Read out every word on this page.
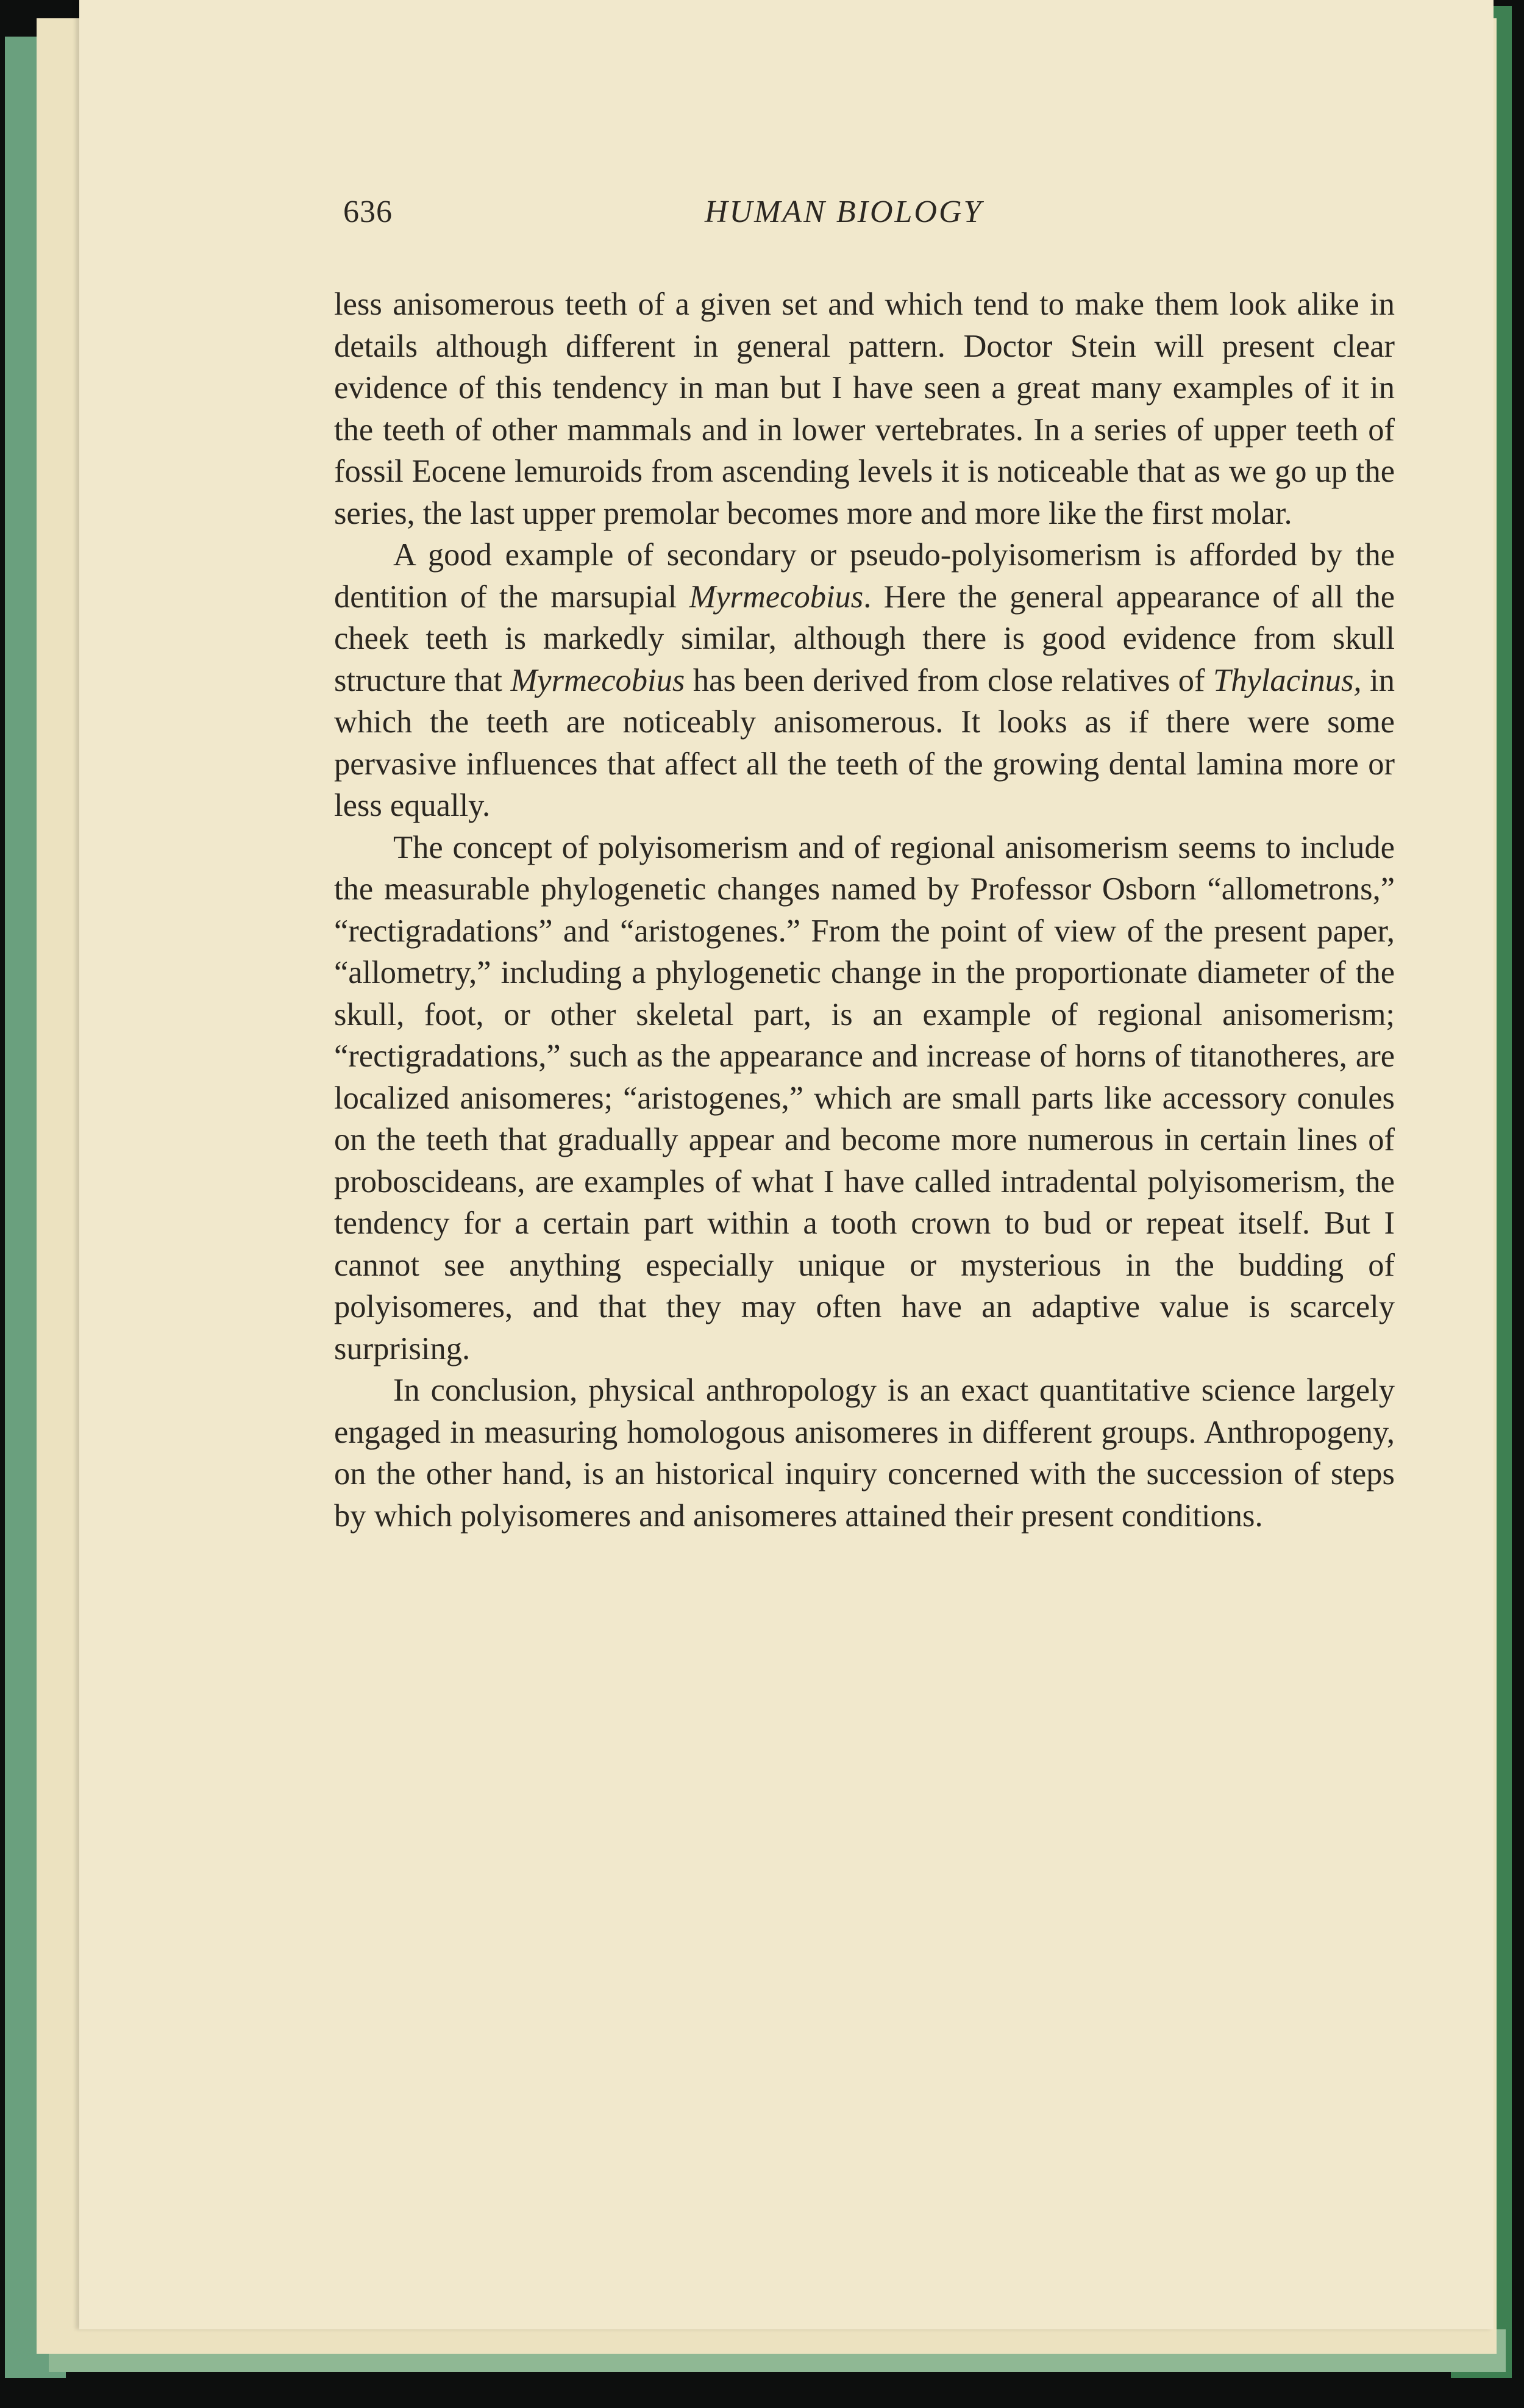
636	HUMAN BIOLOGY

less anisomerous teeth of a given set and which tend to make them look alike in details although different in general pattern. Doctor Stein will present clear evidence of this tendency in man but I have seen a great many examples of it in the teeth of other mammals and in lower vertebrates. In a series of upper teeth of fossil Eocene lemuroids from ascending levels it is noticeable that as we go up the series, the last upper premolar becomes more and more like the first molar.

A good example of secondary or pseudo-polyisomerism is afforded by the dentition of the marsupial Myrmecobius. Here the general appearance of all the cheek teeth is markedly similar, although there is good evidence from skull structure that Myrmecobius has been derived from close relatives of Thylacinus, in which the teeth are noticeably anisomerous. It looks as if there were some pervasive influences that affect all the teeth of the growing dental lamina more or less equally.

The concept of polyisomerism and of regional anisomerism seems to include the measurable phylogenetic changes named by Professor Osborn “allometrons,” “rectigradations” and “aristogenes.” From the point of view of the present paper, “allometry,” including a phylogenetic change in the proportionate diameter of the skull, foot, or other skeletal part, is an example of regional anisomerism; “rectigradations,” such as the appearance and increase of horns of titanotheres, are localized anisomeres; “aristogenes,” which are small parts like accessory conules on the teeth that gradually appear and become more numerous in certain lines of proboscideans, are examples of what I have called intradental polyisomerism, the tendency for a certain part within a tooth crown to bud or repeat itself. But I cannot see anything especially unique or mysterious in the budding of polyisomeres, and that they may often have an adaptive value is scarcely surprising.

In conclusion, physical anthropology is an exact quantitative science largely engaged in measuring homologous anisomeres in different groups. Anthropogeny, on the other hand, is an historical inquiry concerned with the succession of steps by which polyisomeres and anisomeres attained their present conditions.
